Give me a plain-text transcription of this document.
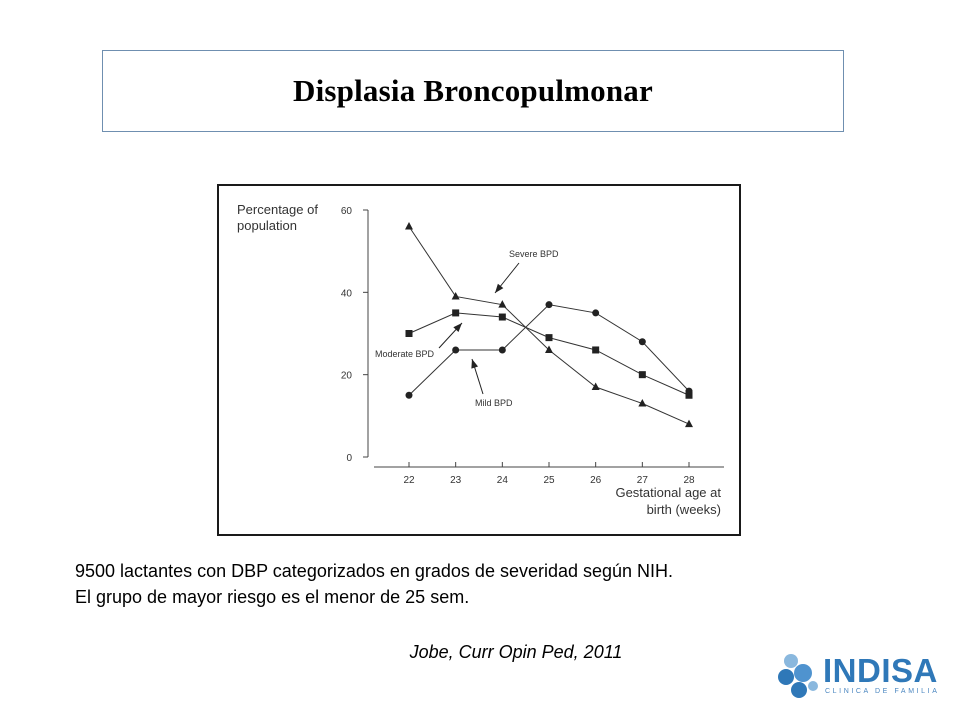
Displasia Broncopulmonar
Percentage of
population
Gestational age at
birth (weeks)
0
20
40
60
22	23	24	25	26	27	28
Severe BPD
Moderate BPD
Mild BPD

9500 lactantes con DBP categorizados en grados de severidad según NIH.

El grupo de mayor riesgo es el menor de 25 sem.

Jobe, Curr Opin Ped, 2011	INDISA
CLINICA DE FAMILIA
